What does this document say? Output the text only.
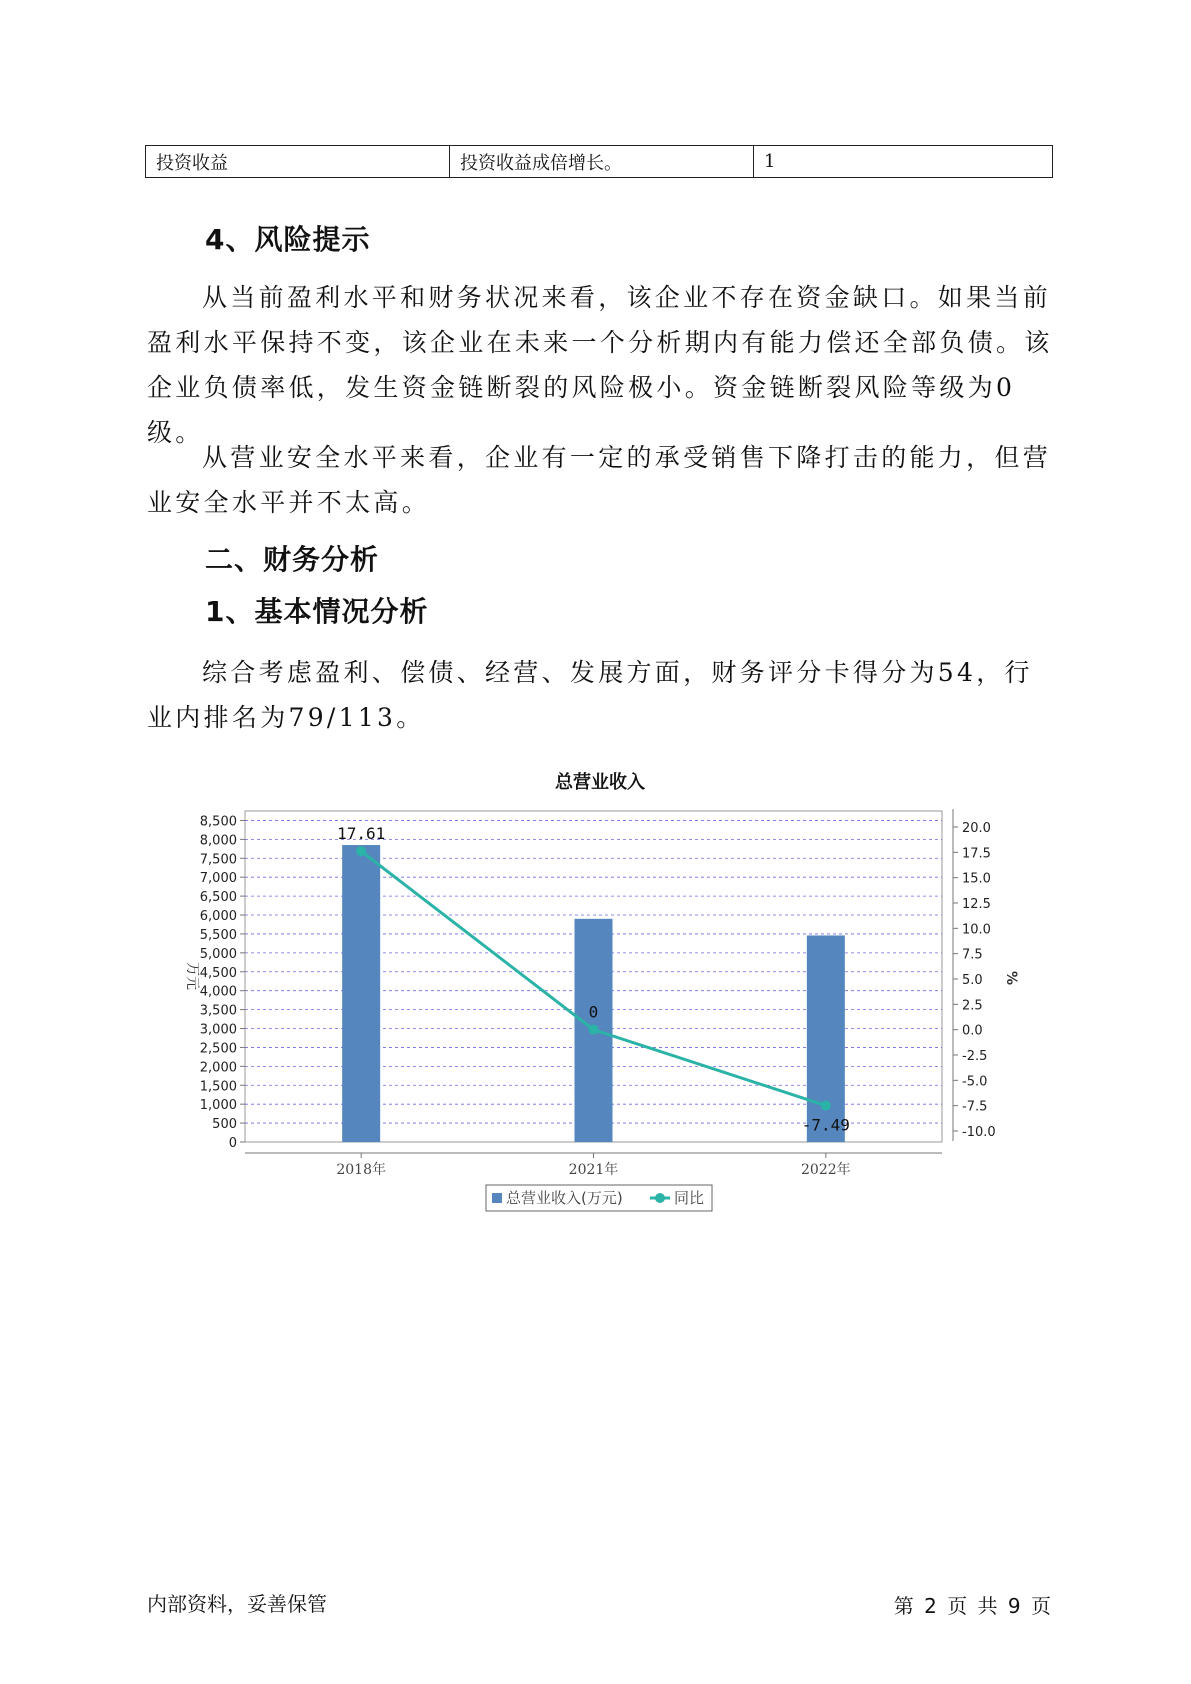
投资收益	投资收益成倍增长。	1
4、风险提示

从当前盈利水平和财务状况来看，该企业不存在资金缺口。如果当前盈利水平保持不变，该企业在未来一个分析期内有能力偿还全部负债。该企业负债率低，发生资金链断裂的风险极小。资金链断裂风险等级为0级。

从营业安全水平来看，企业有一定的承受销售下降打击的能力，但营业安全水平并不太高。

二、财务分析
1、基本情况分析

综合考虑盈利、偿债、经营、发展方面，财务评分卡得分为54，行业内排名为79/113。

总营业收入
0
500
1,000
1,500
2,000
2,500
3,000
3,500
4,000
4,500
5,000
5,500
6,000
6,500
7,000
7,500
8,000
8,500
-10.0
-7.5
-5.0
-2.5
0.0
2.5
5.0
7.5
10.0
12.5
15.0
17.5
20.0
万元	%
2018年	2021年	2022年
17.61
0
-7.49
总营业收入(万元)	同比
内部资料，妥善保管	第 2 页 共 9 页
